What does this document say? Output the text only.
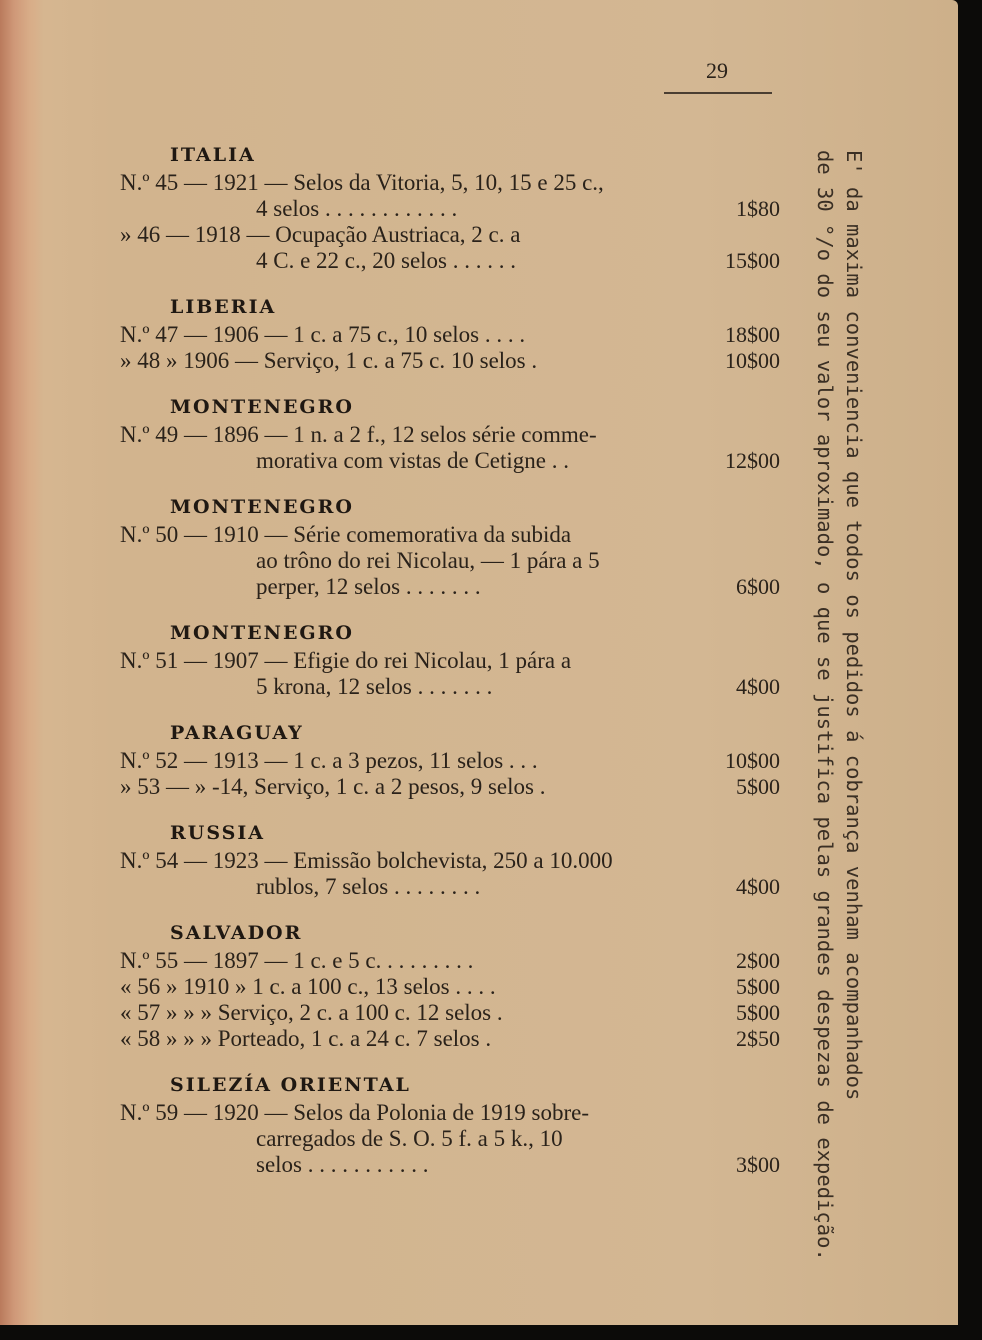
29
ITALIA
N.º 45 — 1921 — Selos da Vitoria, 5, 10, 15 e 25 c.,
4 selos . . . . . . . . . . . .	1$80
» 46 — 1918 — Ocupação Austriaca, 2 c. a
4 C. e 22 c., 20 selos . . . . . .	15$00
LIBERIA
N.º 47 — 1906 — 1 c. a 75 c., 10 selos . . . .	18$00
» 48 » 1906 — Serviço, 1 c. a 75 c. 10 selos .	10$00
MONTENEGRO
N.º 49 — 1896 — 1 n. a 2 f., 12 selos série comme-
morativa com vistas de Cetigne . .	12$00
MONTENEGRO
N.º 50 — 1910 — Série comemorativa da subida
ao trôno do rei Nicolau, — 1 pára a 5
perper, 12 selos . . . . . . .	6$00
MONTENEGRO
N.º 51 — 1907 — Efigie do rei Nicolau, 1 pára a
5 krona, 12 selos . . . . . . .	4$00
PARAGUAY
N.º 52 — 1913 — 1 c. a 3 pezos, 11 selos . . .	10$00
» 53 — » -14, Serviço, 1 c. a 2 pesos, 9 selos .	5$00
RUSSIA
N.º 54 — 1923 — Emissão bolchevista, 250 a 10.000
rublos, 7 selos . . . . . . . .	4$00
SALVADOR
N.º 55 — 1897 — 1 c. e 5 c. . . . . . . . .	2$00
« 56 » 1910 » 1 c. a 100 c., 13 selos . . . .	5$00
« 57 » » » Serviço, 2 c. a 100 c. 12 selos .	5$00
« 58 » » » Porteado, 1 c. a 24 c. 7 selos .	2$50
SILEZÍA ORIENTAL
N.º 59 — 1920 — Selos da Polonia de 1919 sobre-
carregados de S. O. 5 f. a 5 k., 10
selos . . . . . . . . . . .	3$00
E' da maxima conveniencia que todos os pedidos á cobrança venham acompanhados
de 30 °/o do seu valor aproximado, o que se justifica pelas grandes despezas de expedição.
